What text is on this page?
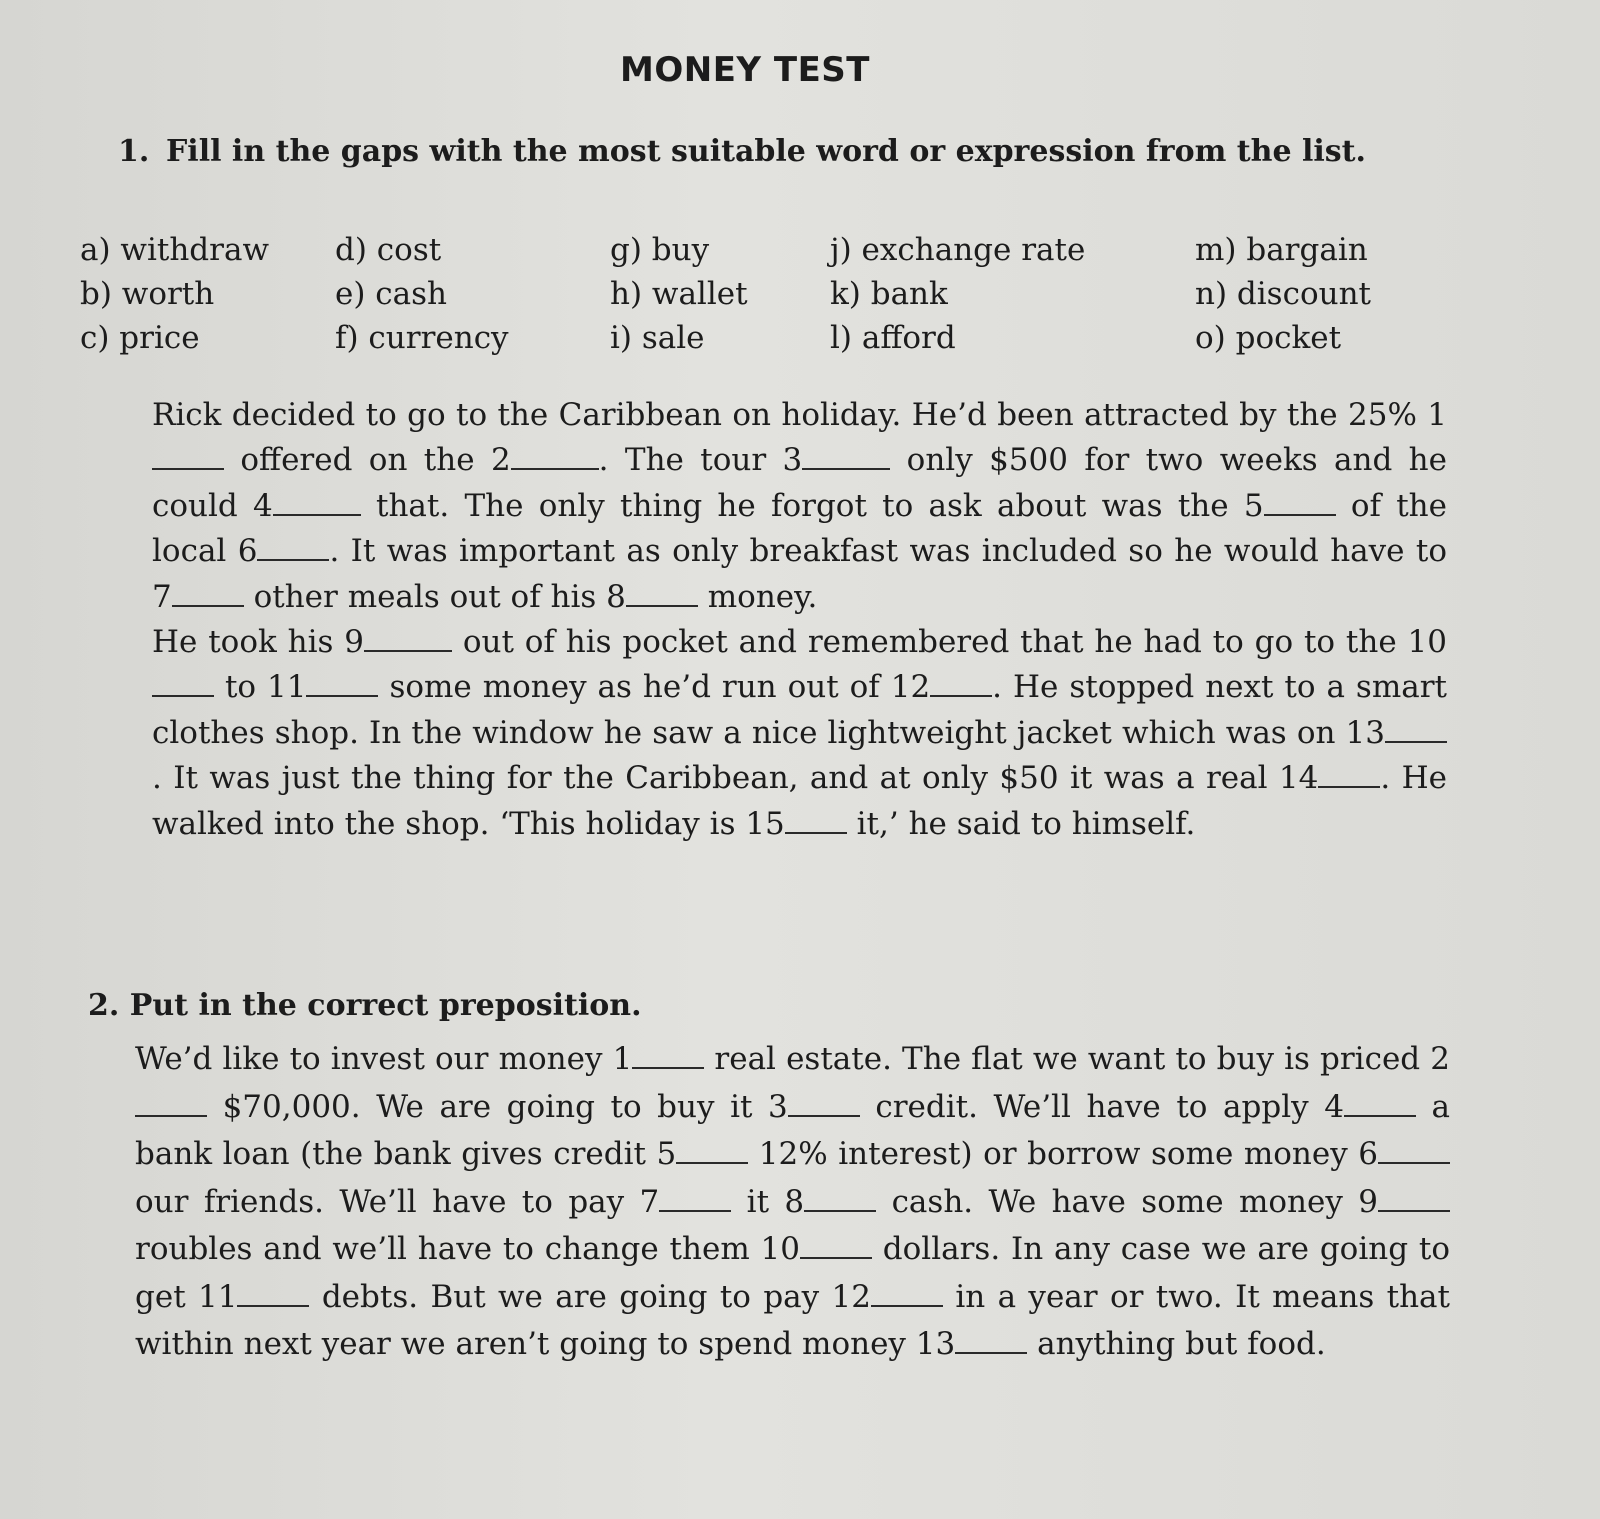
MONEY TEST
1. Fill in the gaps with the most suitable word or expression from the list.
a) withdraw	d) cost	g) buy	j) exchange rate	m) bargain
b) worth	e) cash	h) wallet	k) bank	n) discount
c) price	f) currency	i) sale	l) afford	o) pocket
Rick decided to go to the Caribbean on holiday. He’d been attracted by the 25% 1 offered on the 2	. The tour 3	only $500 for two weeks and he could 4	that. The only thing he forgot to ask about was the 5 of the local 6 . It was important as only breakfast was included so he would have to 7 other meals out of his 8 money.
He took his 9	out of his pocket and remembered that he had to go to the 10 to 11 some money as he’d run out of 12 . He stopped next to a smart clothes shop. In the window he saw a nice lightweight jacket which was on 13. It was just the thing for the Caribbean, and at only $50 it was a real 14 . He walked into the shop. ‘This holiday is 15 it,’ he said to himself.
2. Put in the correct preposition.
We’d like to invest our money 1 real estate. The flat we want to buy is priced 2 $70,000. We are going to buy it 3 credit. We’ll have to apply 4 a bank loan (the bank gives credit 5 12% interest) or borrow some money 6 our friends. We’ll have to pay 7 it 8 cash. We have some money 9 roubles and we’ll have to change them 10 dollars. In any case we are going to get 11 debts. But we are going to pay 12 in a year or two. It means that within next year we aren’t going to spend money 13 anything but food.
